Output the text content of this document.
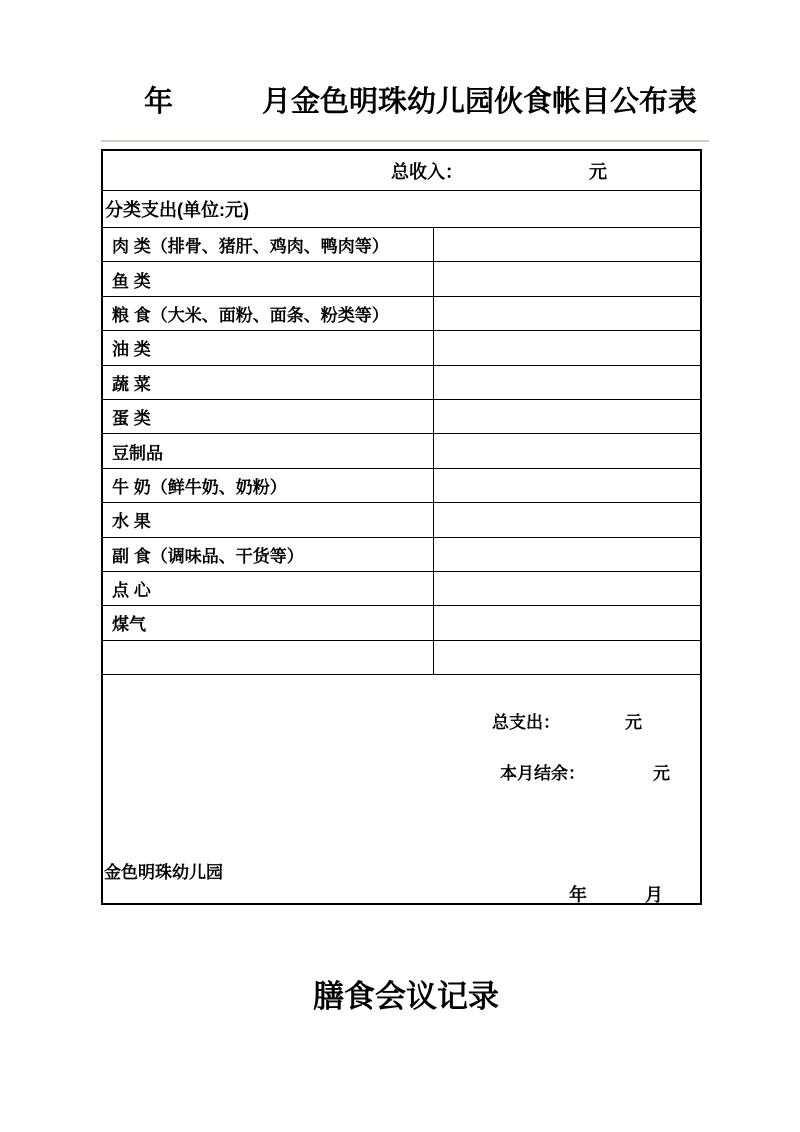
年	月金色明珠幼儿园伙食帐目公布表
总收入：	元
分类支出(单位:元)
肉 类（排骨、猪肝、鸡肉、鸭肉等）
鱼 类
粮 食（大米、面粉、面条、粉类等）
油 类
蔬 菜
蛋 类
豆制品
牛 奶（鲜牛奶、奶粉）
水 果
副 食（调味品、干货等）
点 心
煤气
总支出：	元
本月结余：	元
金色明珠幼儿园
年	月
膳食会议记录
